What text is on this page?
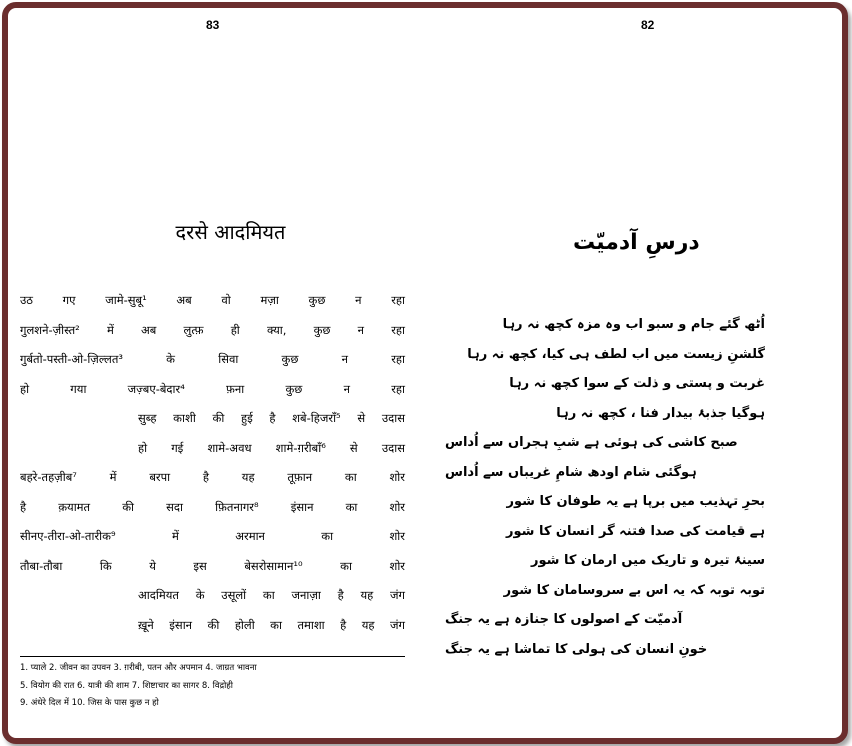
83
दरसे आदमियत
उठ गए जामे-सुबू¹ अब वो मज़ा कुछ न रहा
गुलशने-ज़ीस्त² में अब लुत्फ़ ही क्या, कुछ न रहा
गुर्बतो-पस्ती-ओ-ज़िल्लत³ के सिवा कुछ न रहा
हो गया जज़्बए-बेदार⁴ फ़ना कुछ न रहा
सुब्ह काशी की हुई है शबे-हिजराँ⁵ से उदास
हो गई शामे-अवध शामे-ग़रीबाँ⁶ से उदास
बहरे-तहज़ीब⁷ में बरपा है यह तूफ़ान का शोर
है क़यामत की सदा फ़ितनागर⁸ इंसान का शोर
सीनए-तीरा-ओ-तारीक⁹ में अरमान का शोर
तौबा-तौबा कि ये इस बेसरोसामान¹⁰ का शोर
आदमियत के उसूलों का जनाज़ा है यह जंग
ख़ूने इंसान की होली का तमाशा है यह जंग
1. प्याले 2. जीवन का उपवन 3. ग़रीबी, पतन और अपमान 4. जाग्रत भावना
5. वियोग की रात 6. यात्री की शाम 7. शिष्टाचार का सागर 8. विद्रोही
9. अंधेरे दिल में 10. जिस के पास कुछ न हो
82
درسِ آدمیّت
اُٹھ گئے جام و سبو اب وہ مزہ کچھ نہ رہا
گلشنِ زیست میں اب لطف ہی کیا، کچھ نہ رہا
غربت و پستی و ذلت کے سوا کچھ نہ رہا
ہوگیا جذبۂ بیدار فنا ، کچھ نہ رہا
صبح کاشی کی ہوئی ہے شبِ ہجراں سے اُداس
ہوگئی شام اودھ شامِ غریباں سے اُداس
بحرِ تہذیب میں برپا ہے یہ طوفان کا شور
ہے قیامت کی صدا فتنہ گر انسان کا شور
سینۂ تیرہ و تاریک میں ارمان کا شور
توبہ توبہ کہ یہ اس بے سروسامان کا شور
آدمیّت کے اصولوں کا جنازہ ہے یہ جنگ
خونِ انسان کی ہولی کا تماشا ہے یہ جنگ
